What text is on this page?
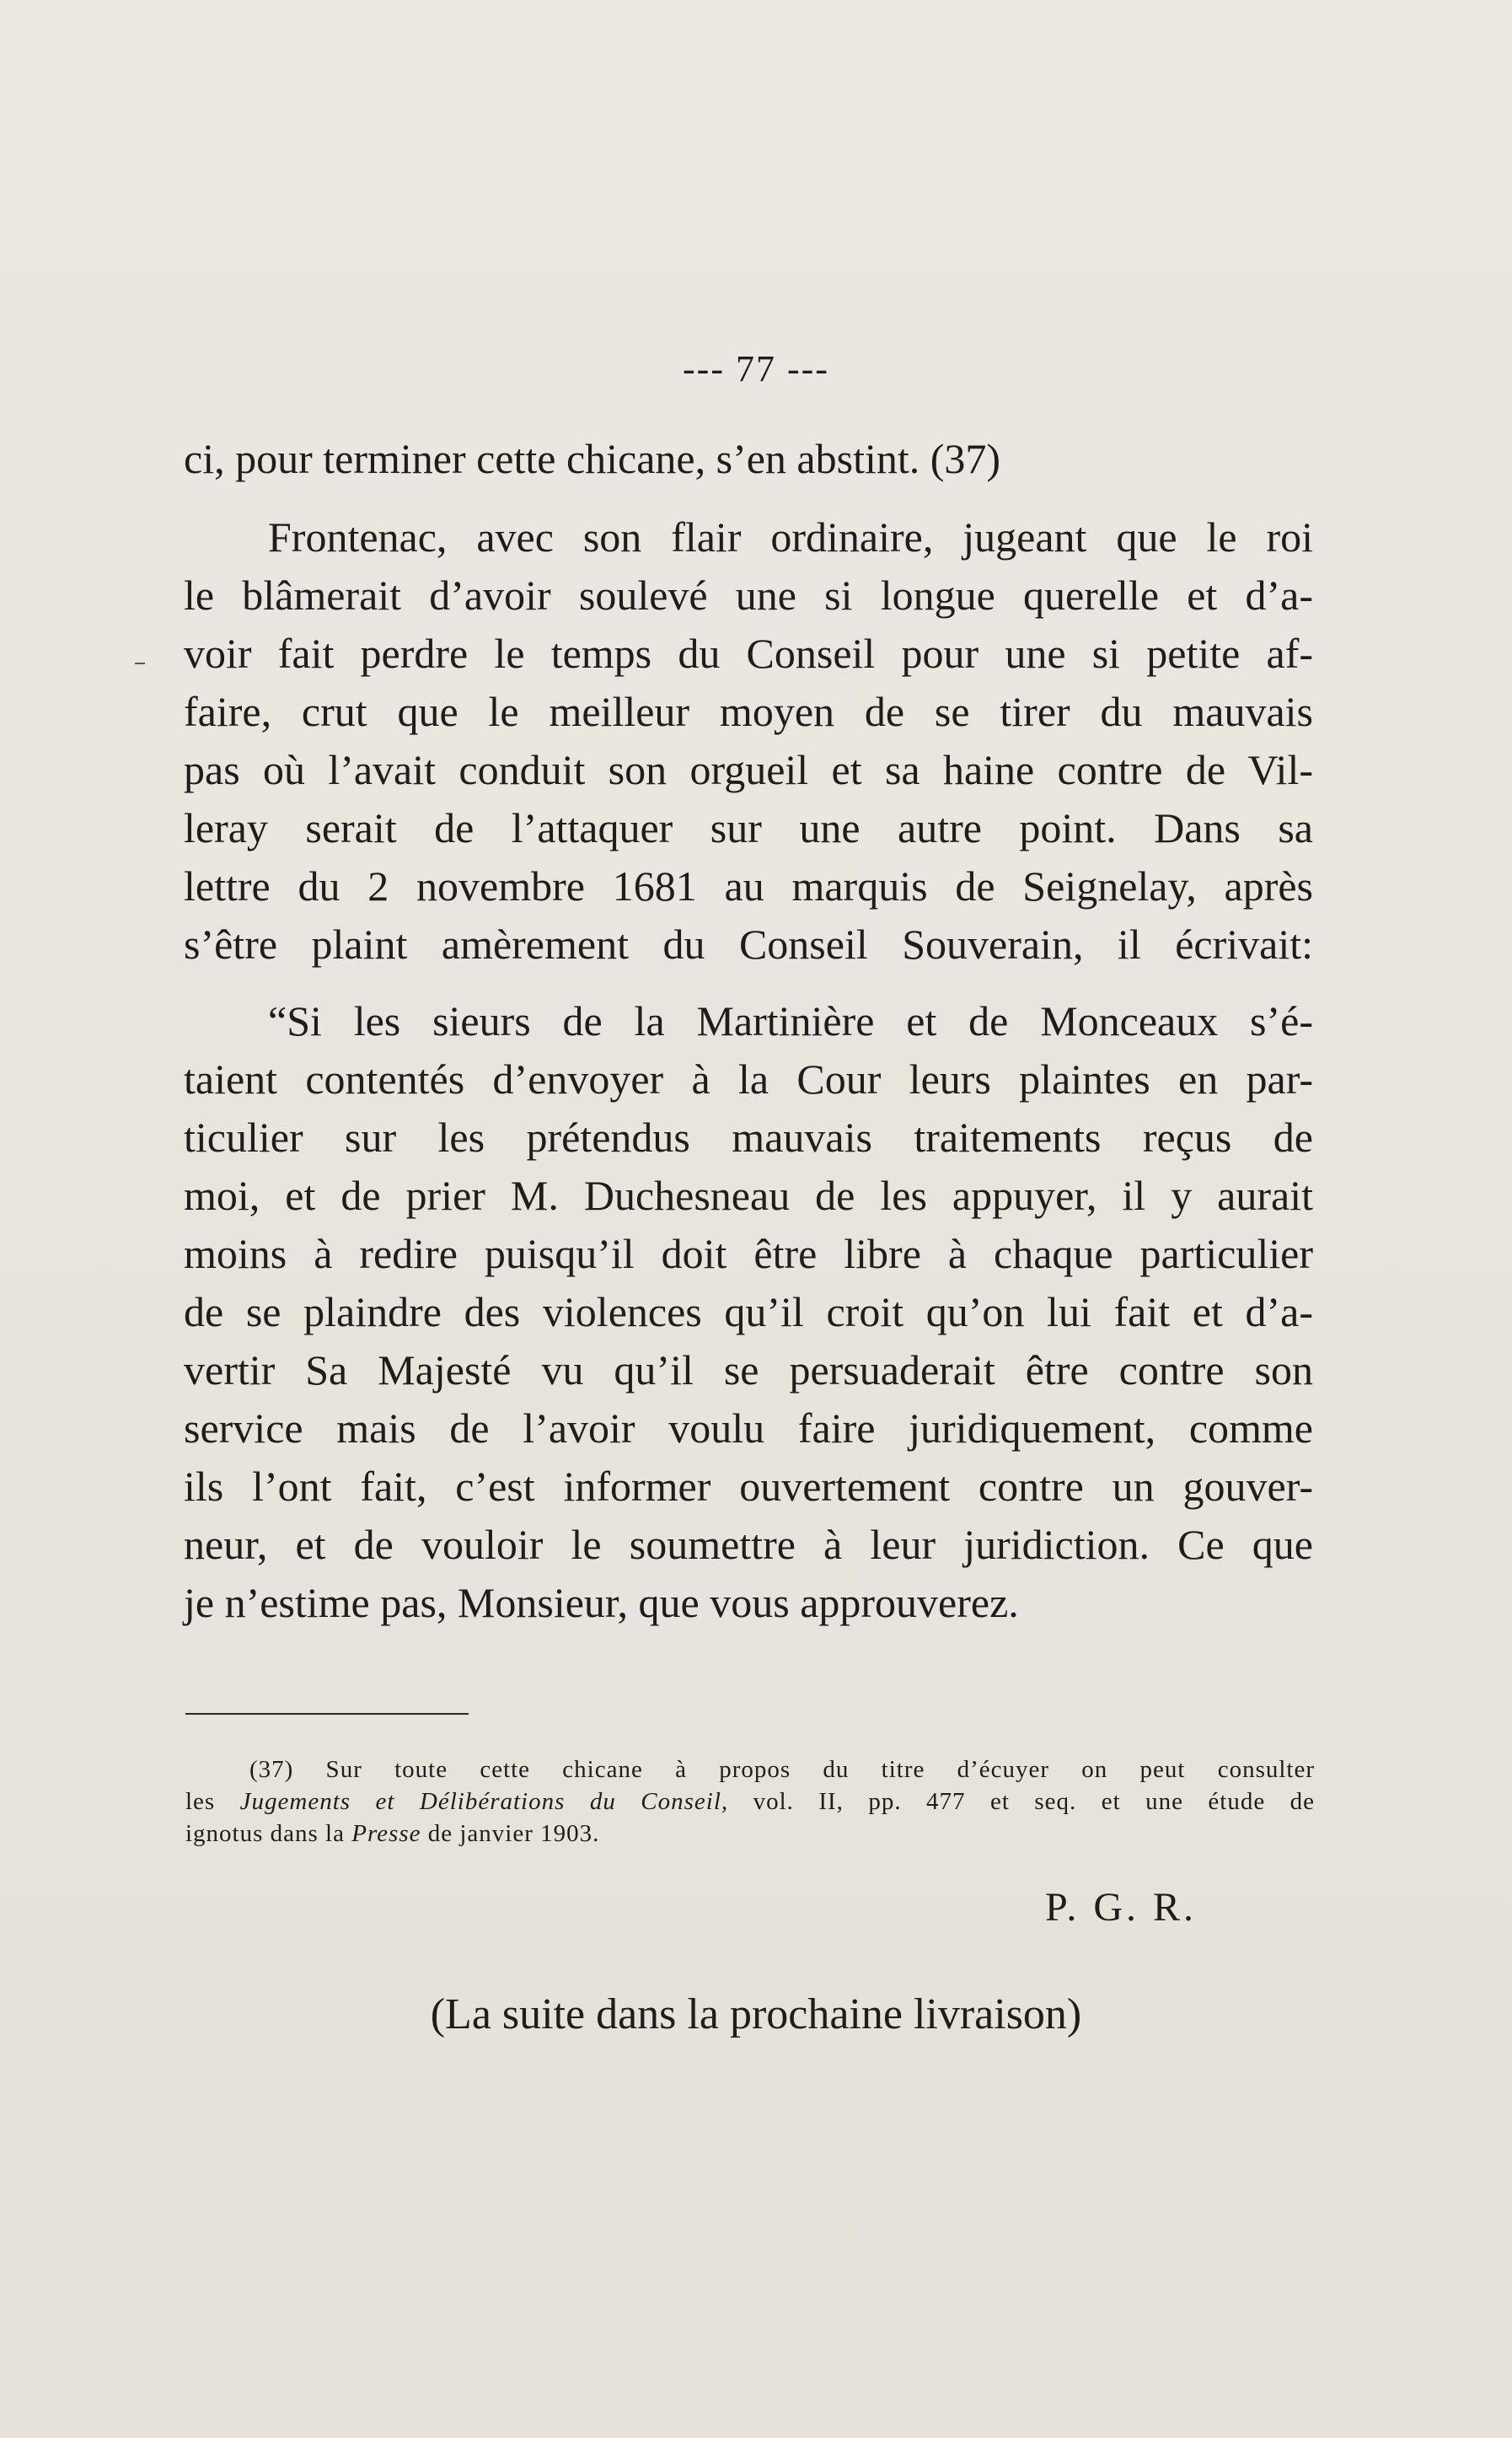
--- 77 ---
ci, pour terminer cette chicane, s’en abstint. (37)
Frontenac, avec son flair ordinaire, jugeant que le roi
le blâmerait d’avoir soulevé une si longue querelle et d’a-
voir fait perdre le temps du Conseil pour une si petite af-
faire, crut que le meilleur moyen de se tirer du mauvais
pas où l’avait conduit son orgueil et sa haine contre de Vil-
leray serait de l’attaquer sur une autre point. Dans sa
lettre du 2 novembre 1681 au marquis de Seignelay, après
s’être plaint amèrement du Conseil Souverain, il écrivait:
“Si les sieurs de la Martinière et de Monceaux s’é-
taient contentés d’envoyer à la Cour leurs plaintes en par-
ticulier sur les prétendus mauvais traitements reçus de
moi, et de prier M. Duchesneau de les appuyer, il y aurait
moins à redire puisqu’il doit être libre à chaque particulier
de se plaindre des violences qu’il croit qu’on lui fait et d’a-
vertir Sa Majesté vu qu’il se persuaderait être contre son
service mais de l’avoir voulu faire juridiquement, comme
ils l’ont fait, c’est informer ouvertement contre un gouver-
neur, et de vouloir le soumettre à leur juridiction. Ce que
je n’estime pas, Monsieur, que vous approuverez.
(37) Sur toute cette chicane à propos du titre d’écuyer on peut consulter
les Jugements et Délibérations du Conseil, vol. II, pp. 477 et seq. et une étude de
ignotus dans la Presse de janvier 1903.
P. G. R.
(La suite dans la prochaine livraison)
